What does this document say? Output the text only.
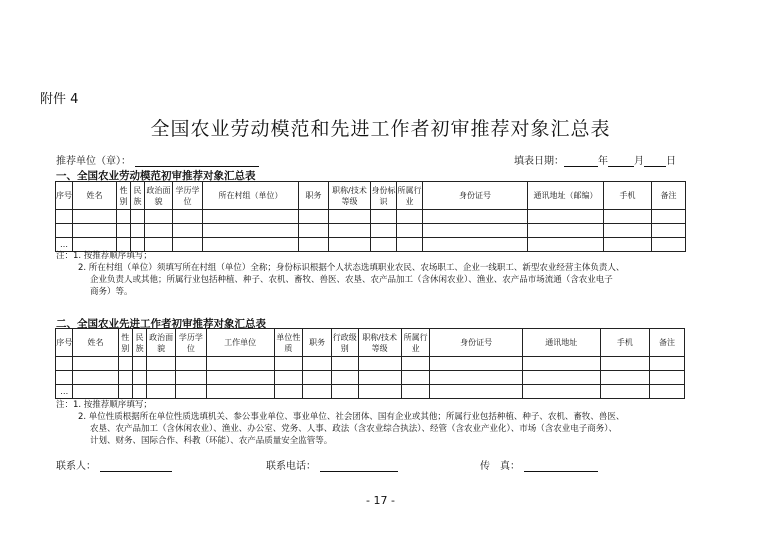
附件 4
全国农业劳动模范和先进工作者初审推荐对象汇总表
推荐单位（章）：	填表日期：	年	月 日
一、全国农业劳动模范初审推荐对象汇总表
序号	姓名	性别	民族	政治面貌	学历学位	所在村组（单位）	职务	职称/技术等级	身份标识	所属行业	身份证号	通讯地址（邮编）	手机	备注

…														
注：1. 按推荐顺序填写；
2. 所在村组（单位）须填写所在村组（单位）全称；身份标识根据个人状态选填职业农民、农场职工、企业一线职工、新型农业经营主体负责人、
企业负责人或其他；所属行业包括种植、种子、农机、畜牧、兽医、农垦、农产品加工（含休闲农业）、渔业、农产品市场流通（含农业电子
商务）等。
二、全国农业先进工作者初审推荐对象汇总表
序号	姓名	性别	民族	政治面貌	学历学位	工作单位	单位性质	职务	行政级别	职称/技术等级	所属行业	身份证号	通讯地址	手机	备注

…															
注：1. 按推荐顺序填写；
2. 单位性质根据所在单位性质选填机关、参公事业单位、事业单位、社会团体、国有企业或其他；所属行业包括种植、种子、农机、畜牧、兽医、
农垦、农产品加工（含休闲农业）、渔业、办公室、党务、人事、政法（含农业综合执法）、经管（含农业产业化）、市场（含农业电子商务）、
计划、财务、国际合作、科教（环能）、农产品质量安全监管等。
联系人：	联系电话：	传　真：
- 17 -
